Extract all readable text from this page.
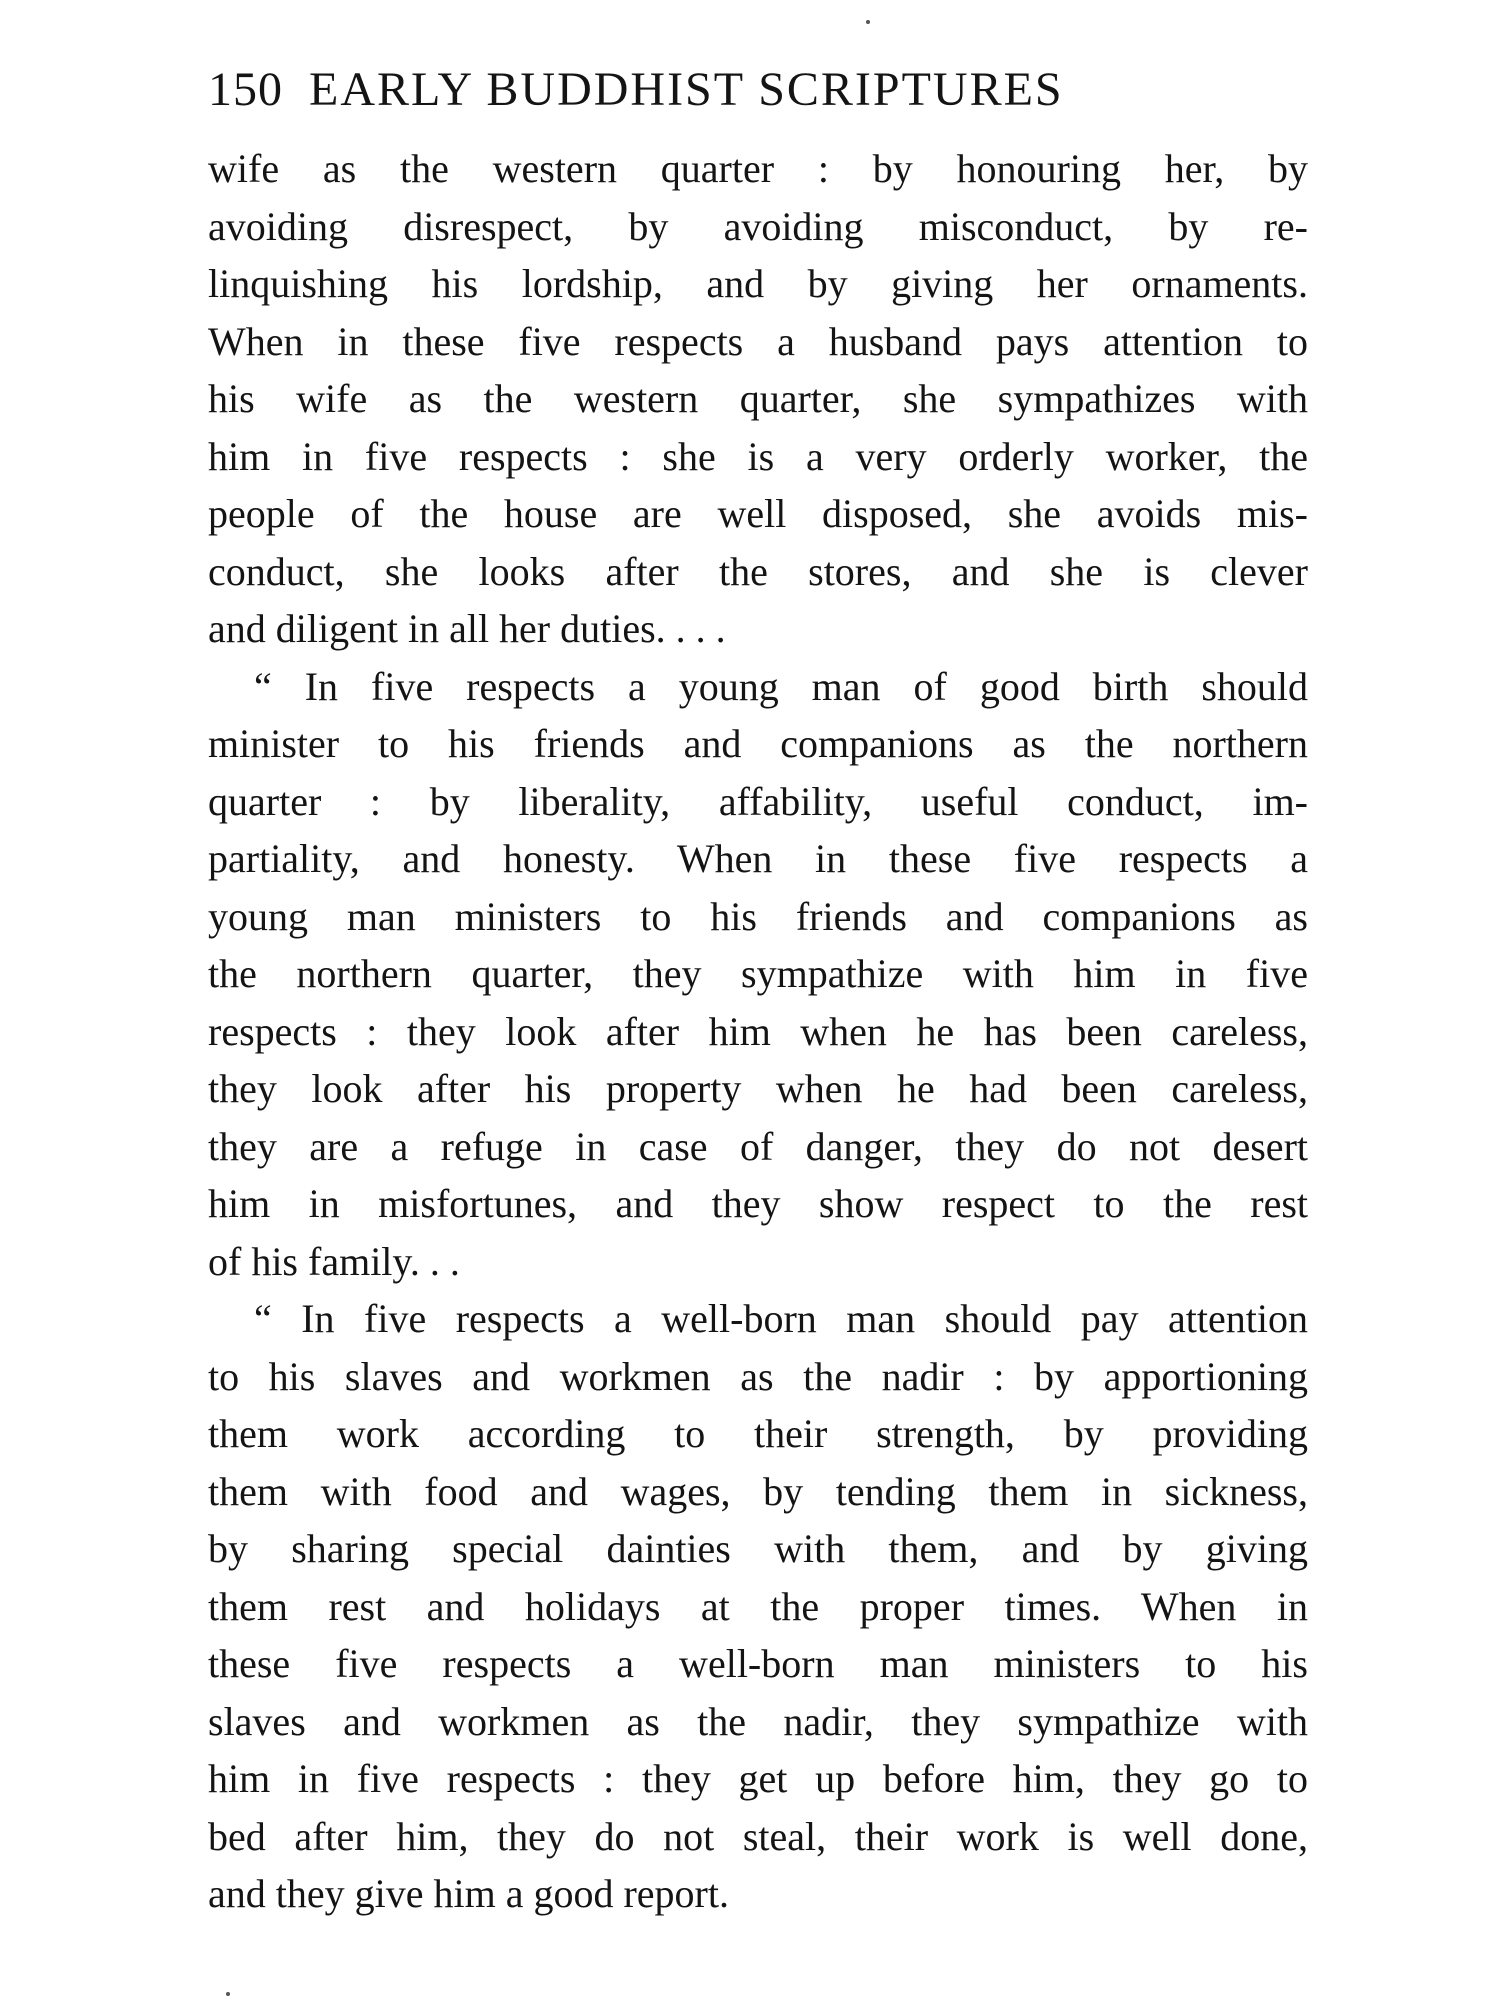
150 EARLY BUDDHIST SCRIPTURES
wife as the western quarter : by honouring her, by
avoiding disrespect, by avoiding misconduct, by re-
linquishing his lordship, and by giving her ornaments.
When in these five respects a husband pays attention to
his wife as the western quarter, she sympathizes with
him in five respects : she is a very orderly worker, the
people of the house are well disposed, she avoids mis-
conduct, she looks after the stores, and she is clever
and diligent in all her duties. . . .
“ In five respects a young man of good birth should
minister to his friends and companions as the northern
quarter : by liberality, affability, useful conduct, im-
partiality, and honesty. When in these five respects a
young man ministers to his friends and companions as
the northern quarter, they sympathize with him in five
respects : they look after him when he has been careless,
they look after his property when he had been careless,
they are a refuge in case of danger, they do not desert
him in misfortunes, and they show respect to the rest
of his family. . .
“ In five respects a well-born man should pay attention
to his slaves and workmen as the nadir : by apportioning
them work according to their strength, by providing
them with food and wages, by tending them in sickness,
by sharing special dainties with them, and by giving
them rest and holidays at the proper times. When in
these five respects a well-born man ministers to his
slaves and workmen as the nadir, they sympathize with
him in five respects : they get up before him, they go to
bed after him, they do not steal, their work is well done,
and they give him a good report.
